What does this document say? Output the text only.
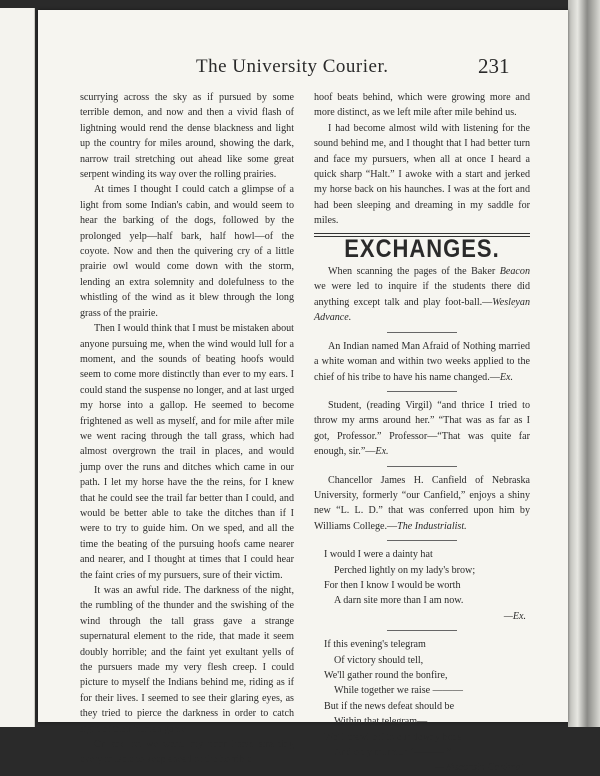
The University Courier.	231

scurrying across the sky as if pursued by some terrible demon, and now and then a vivid flash of lightning would rend the dense blackness and light up the country for miles around, showing the dark, narrow trail stretching out ahead like some great serpent winding its way over the rolling prairies.

At times I thought I could catch a glimpse of a light from some Indian's cabin, and would seem to hear the barking of the dogs, followed by the prolonged yelp—half bark, half howl—of the coyote. Now and then the quivering cry of a little prairie owl would come down with the storm, lending an extra solemnity and dolefulness to the whistling of the wind as it blew through the long grass of the prairie.

Then I would think that I must be mistaken about anyone pursuing me, when the wind would lull for a moment, and the sounds of beating hoofs would seem to come more distinctly than ever to my ears. I could stand the suspense no longer, and at last urged my horse into a gallop. He seemed to become frightened as well as myself, and for mile after mile we went racing through the tall grass, which had almost overgrown the trail in places, and would jump over the runs and ditches which came in our path. I let my horse have the the reins, for I knew that he could see the trail far better than I could, and would be better able to take the ditches than if I were to try to guide him. On we sped, and all the time the beating of the pursuing hoofs came nearer and nearer, and I thought at times that I could hear the faint cries of my pursuers, sure of their victim.

It was an awful ride. The darkness of the night, the rumbling of the thunder and the swishing of the wind through the tall grass gave a strange supernatural element to the ride, that made it seem doubly horrible; and the faint yet exultant yells of the pursuers made my very flesh creep. I could picture to myself the Indians behind me, riding as if for their lives. I seemed to see their glaring eyes, as they tried to pierce the darkness in order to catch sight of their human game.

On and on we went, my poor horse straining every muscle to keep ahead of the horrible

hoof beats behind, which were growing more and more distinct, as we left mile after mile behind us.

I had become almost wild with listening for the sound behind me, and I thought that I had better turn and face my pursuers, when all at once I heard a quick sharp “Halt.” I awoke with a start and jerked my horse back on his haunches. I was at the fort and had been sleeping and dreaming in my saddle for miles.

EXCHANGES.

When scanning the pages of the Baker Beacon we were led to inquire if the students there did anything except talk and play foot-ball.—Wesleyan Advance.

An Indian named Man Afraid of Nothing married a white woman and within two weeks applied to the chief of his tribe to have his name changed.—Ex.

Student, (reading Virgil) “and thrice I tried to throw my arms around her.” “That was as far as I got, Professor.” Professor—“That was quite far enough, sir.”—Ex.

Chancellor James H. Canfield of Nebraska University, formerly “our Canfield,” enjoys a shiny new “L. L. D.” that was conferred upon him by Williams College.—The Industrialist.

I would I were a dainty hat
Perched lightly on my lady's brow;
For then I know I would be worth
A darn site more than I am now.
—Ex.
If this evening's telegram
Of victory should tell,
We'll gather round the bonfire,
While together we raise ———
But if the news defeat should be
Within that telegram—
We'll crawl off to our downy beds
And only murmur “———.”
—Wisconsin Cardinal.
